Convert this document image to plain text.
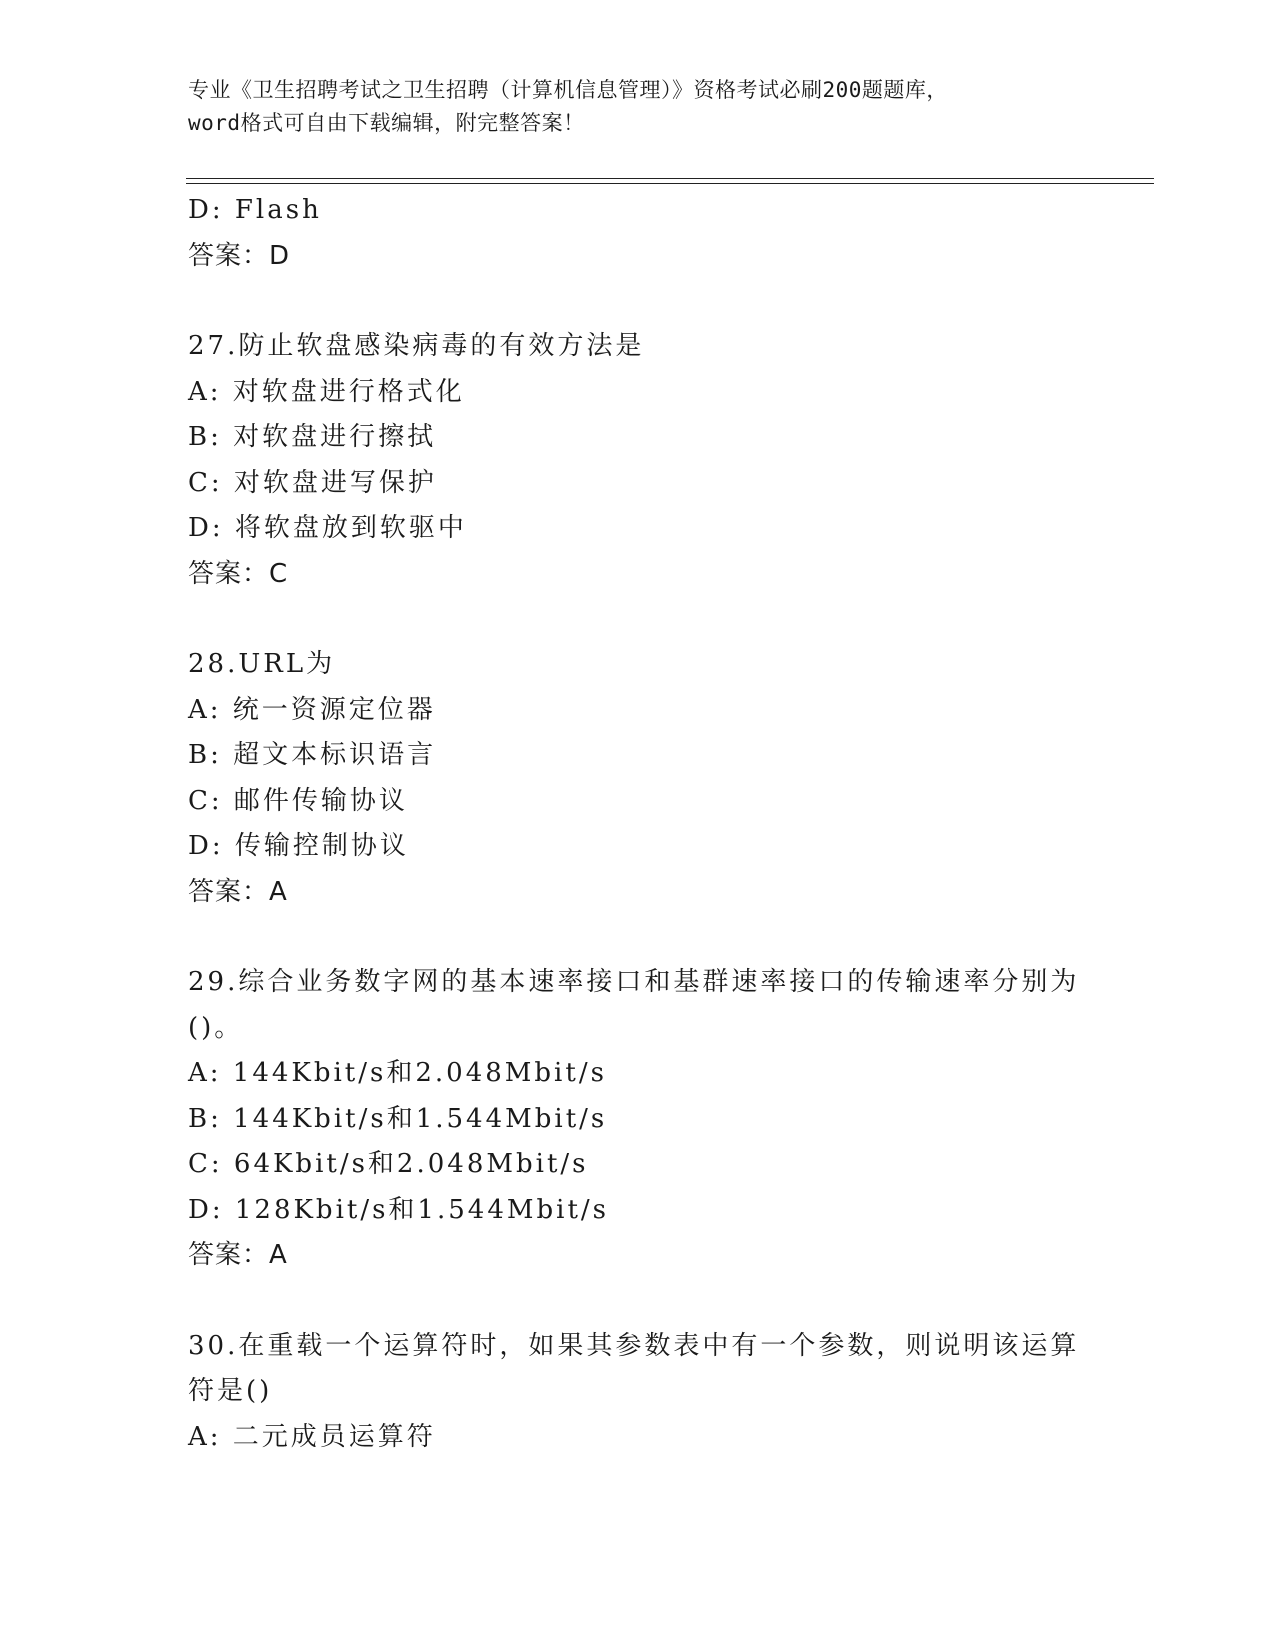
专业《卫生招聘考试之卫生招聘（计算机信息管理）》资格考试必刷200题题库，
word格式可自由下载编辑，附完整答案！
D: Flash
答案：D
27.防止软盘感染病毒的有效方法是
A: 对软盘进行格式化
B: 对软盘进行擦拭
C: 对软盘进写保护
D: 将软盘放到软驱中
答案：C
28.URL为
A: 统一资源定位器
B: 超文本标识语言
C: 邮件传输协议
D: 传输控制协议
答案：A
29.综合业务数字网的基本速率接口和基群速率接口的传输速率分别为
()。
A: 144Kbit/s和2.048Mbit/s
B: 144Kbit/s和1.544Mbit/s
C: 64Kbit/s和2.048Mbit/s
D: 128Kbit/s和1.544Mbit/s
答案：A
30.在重载一个运算符时，如果其参数表中有一个参数，则说明该运算
符是()
A: 二元成员运算符
